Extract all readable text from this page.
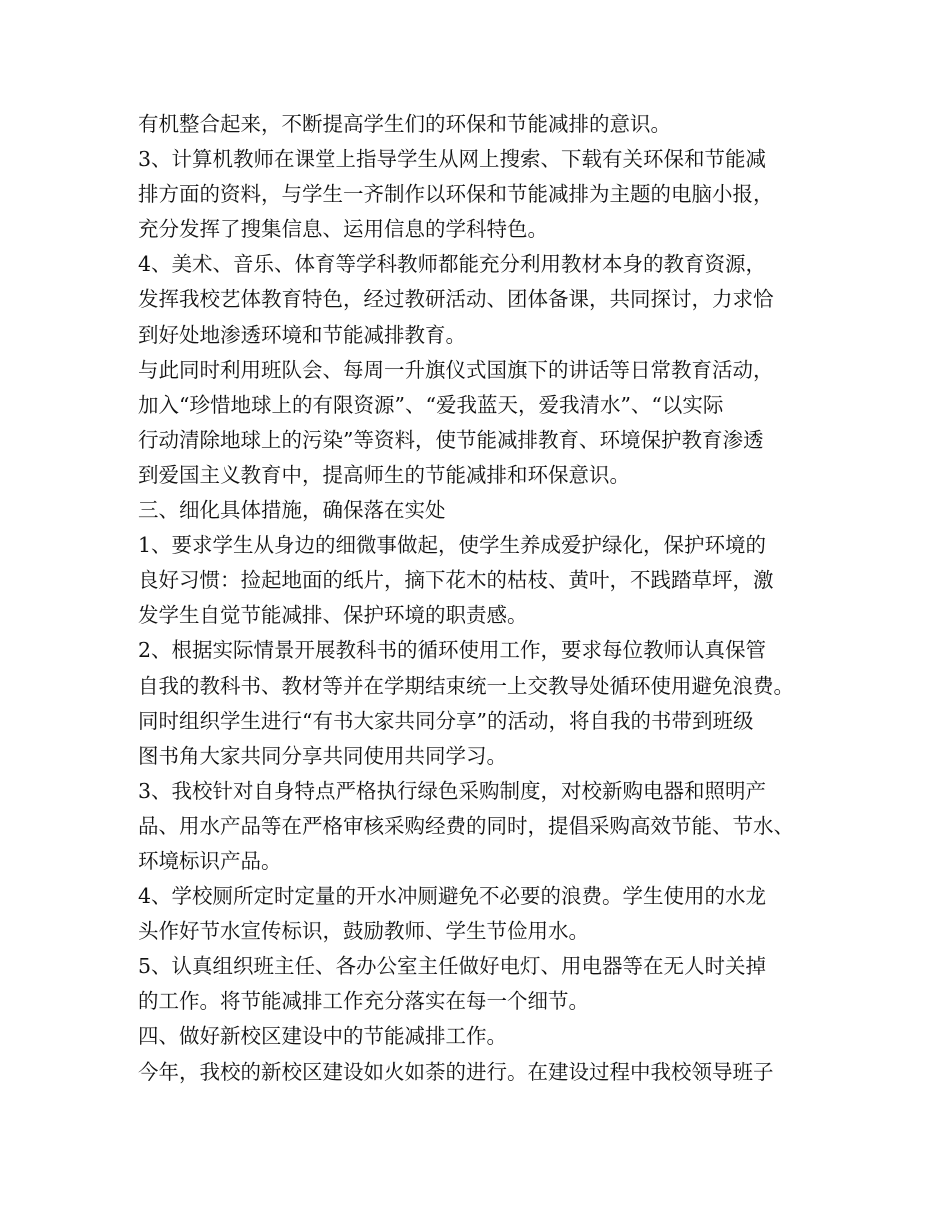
有机整合起来，不断提高学生们的环保和节能减排的意识。
3、计算机教师在课堂上指导学生从网上搜索、下载有关环保和节能减
排方面的资料，与学生一齐制作以环保和节能减排为主题的电脑小报，
充分发挥了搜集信息、运用信息的学科特色。
4、美术、音乐、体育等学科教师都能充分利用教材本身的教育资源，
发挥我校艺体教育特色，经过教研活动、团体备课，共同探讨，力求恰
到好处地渗透环境和节能减排教育。
与此同时利用班队会、每周一升旗仪式国旗下的讲话等日常教育活动，
加入“珍惜地球上的有限资源”、“爱我蓝天，爱我清水”、“以实际
行动清除地球上的污染”等资料，使节能减排教育、环境保护教育渗透
到爱国主义教育中，提高师生的节能减排和环保意识。
三、细化具体措施，确保落在实处
1、要求学生从身边的细微事做起，使学生养成爱护绿化，保护环境的
良好习惯：捡起地面的纸片，摘下花木的枯枝、黄叶，不践踏草坪，激
发学生自觉节能减排、保护环境的职责感。
2、根据实际情景开展教科书的循环使用工作，要求每位教师认真保管
自我的教科书、教材等并在学期结束统一上交教导处循环使用避免浪费。
同时组织学生进行“有书大家共同分享”的活动，将自我的书带到班级
图书角大家共同分享共同使用共同学习。
3、我校针对自身特点严格执行绿色采购制度，对校新购电器和照明产
品、用水产品等在严格审核采购经费的同时，提倡采购高效节能、节水、
环境标识产品。
4、学校厕所定时定量的开水冲厕避免不必要的浪费。学生使用的水龙
头作好节水宣传标识，鼓励教师、学生节俭用水。
5、认真组织班主任、各办公室主任做好电灯、用电器等在无人时关掉
的工作。将节能减排工作充分落实在每一个细节。
四、做好新校区建设中的节能减排工作。
今年，我校的新校区建设如火如荼的进行。在建设过程中我校领导班子
